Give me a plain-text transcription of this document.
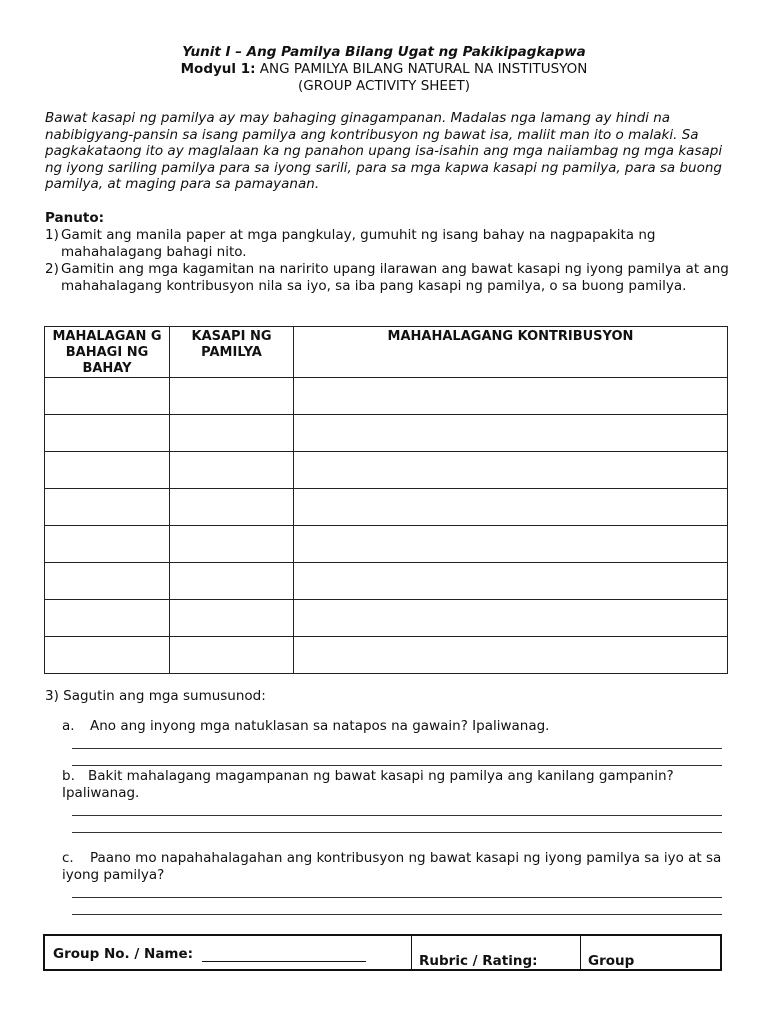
Yunit I – Ang Pamilya Bilang Ugat ng Pakikipagkapwa
Modyul 1: ANG PAMILYA BILANG NATURAL NA INSTITUSYON
(GROUP ACTIVITY SHEET)
Bawat kasapi ng pamilya ay may bahaging ginagampanan. Madalas nga lamang ay hindi na nabibigyang-pansin sa isang pamilya ang kontribusyon ng bawat isa, maliit man ito o malaki. Sa pagkakataong ito ay maglalaan ka ng panahon upang isa-isahin ang mga naiiambag ng mga kasapi ng iyong sariling pamilya para sa iyong sarili, para sa mga kapwa kasapi ng pamilya, para sa buong pamilya, at maging para sa pamayanan.
Panuto:
1) Gamit ang manila paper at mga pangkulay, gumuhit ng isang bahay na nagpapakita ng mahahalagang bahagi nito.
2) Gamitin ang mga kagamitan na naririto upang ilarawan ang bawat kasapi ng iyong pamilya at ang mahahalagang kontribusyon nila sa iyo, sa iba pang kasapi ng pamilya, o sa buong pamilya.
MAHALAGAN G BAHAGI NG BAHAY	KASAPI NG PAMILYA	MAHAHALAGANG KONTRIBUSYON

3) Sagutin ang mga sumusunod:
a. Ano ang inyong mga natuklasan sa natapos na gawain? Ipaliwanag.
b. Bakit mahalagang magampanan ng bawat kasapi ng pamilya ang kanilang gampanin? Ipaliwanag.
c. Paano mo napahahalagahan ang kontribusyon ng bawat kasapi ng iyong pamilya sa iyo at sa iyong pamilya?
Group No. / Name:	Rubric / Rating:	Group
